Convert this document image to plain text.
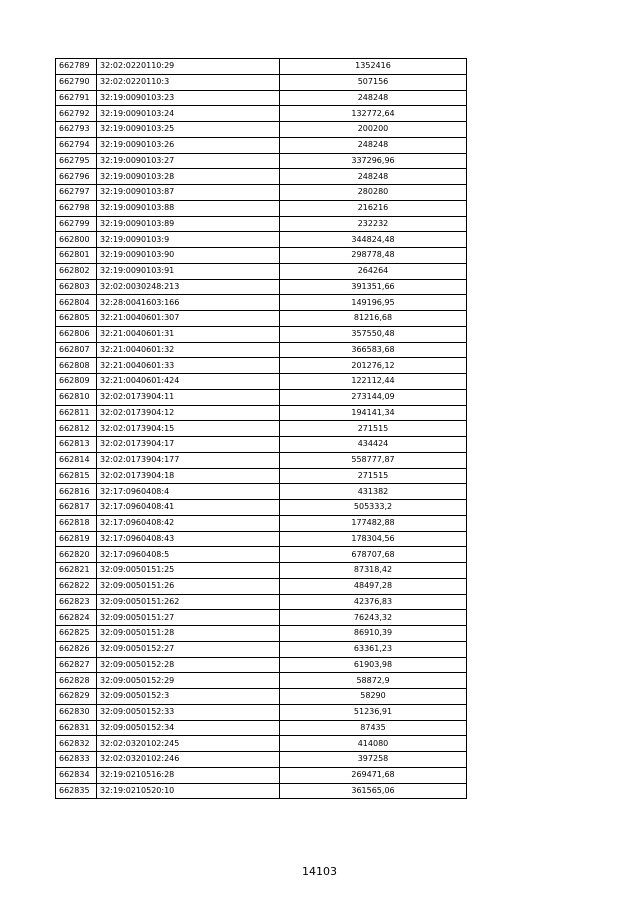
662789	32:02:0220110:29	1352416
662790	32:02:0220110:3	507156
662791	32:19:0090103:23	248248
662792	32:19:0090103:24	132772,64
662793	32:19:0090103:25	200200
662794	32:19:0090103:26	248248
662795	32:19:0090103:27	337296,96
662796	32:19:0090103:28	248248
662797	32:19:0090103:87	280280
662798	32:19:0090103:88	216216
662799	32:19:0090103:89	232232
662800	32:19:0090103:9	344824,48
662801	32:19:0090103:90	298778,48
662802	32:19:0090103:91	264264
662803	32:02:0030248:213	391351,66
662804	32:28:0041603:166	149196,95
662805	32:21:0040601:307	81216,68
662806	32:21:0040601:31	357550,48
662807	32:21:0040601:32	366583,68
662808	32:21:0040601:33	201276,12
662809	32:21:0040601:424	122112,44
662810	32:02:0173904:11	273144,09
662811	32:02:0173904:12	194141,34
662812	32:02:0173904:15	271515
662813	32:02:0173904:17	434424
662814	32:02:0173904:177	558777,87
662815	32:02:0173904:18	271515
662816	32:17:0960408:4	431382
662817	32:17:0960408:41	505333,2
662818	32:17:0960408:42	177482,88
662819	32:17:0960408:43	178304,56
662820	32:17:0960408:5	678707,68
662821	32:09:0050151:25	87318,42
662822	32:09:0050151:26	48497,28
662823	32:09:0050151:262	42376,83
662824	32:09:0050151:27	76243,32
662825	32:09:0050151:28	86910,39
662826	32:09:0050152:27	63361,23
662827	32:09:0050152:28	61903,98
662828	32:09:0050152:29	58872,9
662829	32:09:0050152:3	58290
662830	32:09:0050152:33	51236,91
662831	32:09:0050152:34	87435
662832	32:02:0320102:245	414080
662833	32:02:0320102:246	397258
662834	32:19:0210516:28	269471,68
662835	32:19:0210520:10	361565,06
14103
